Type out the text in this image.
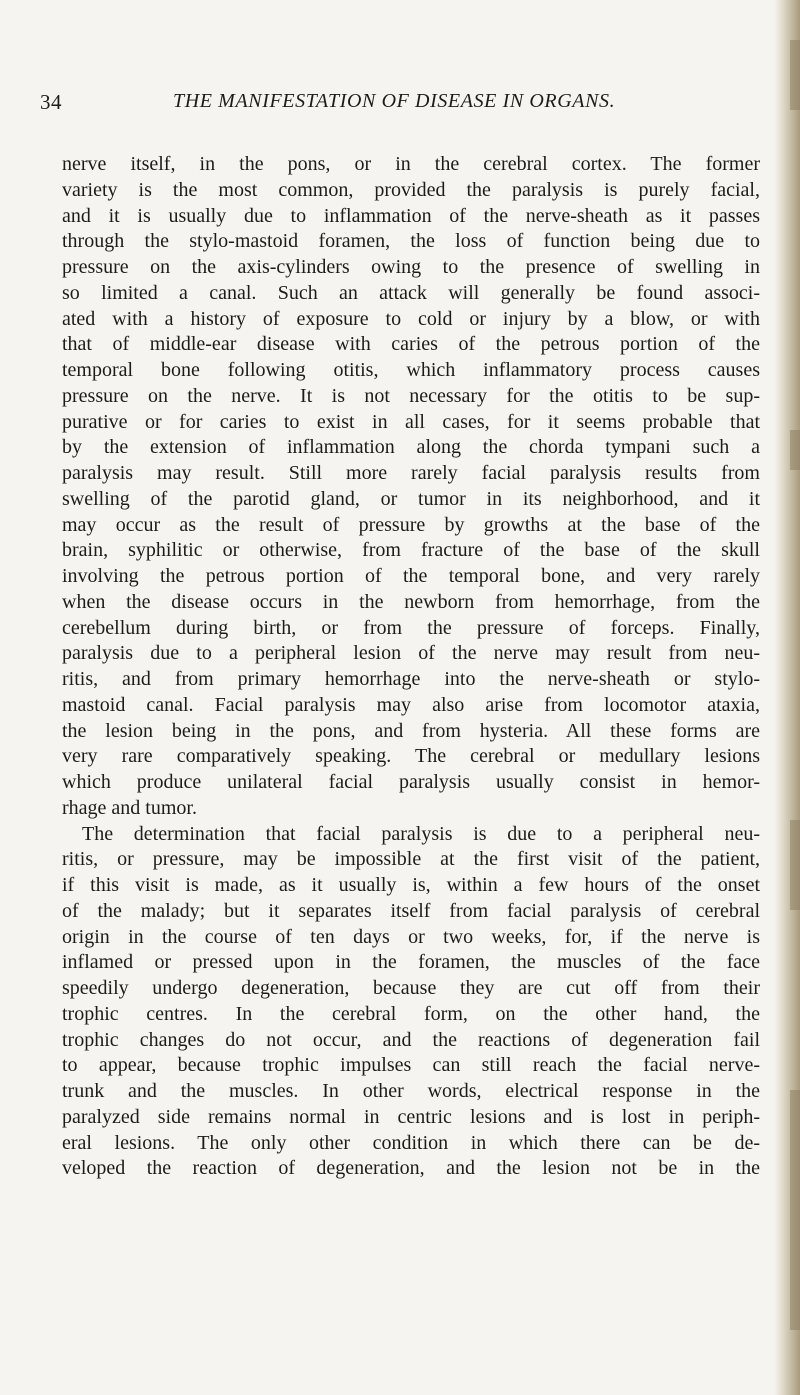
34	THE MANIFESTATION OF DISEASE IN ORGANS.
nerve itself, in the pons, or in the cerebral cortex. The former
variety is the most common, provided the paralysis is purely facial,
and it is usually due to inflammation of the nerve-sheath as it passes
through the stylo-mastoid foramen, the loss of function being due to
pressure on the axis-cylinders owing to the presence of swelling in
so limited a canal. Such an attack will generally be found associ-
ated with a history of exposure to cold or injury by a blow, or with
that of middle-ear disease with caries of the petrous portion of the
temporal bone following otitis, which inflammatory process causes
pressure on the nerve. It is not necessary for the otitis to be sup-
purative or for caries to exist in all cases, for it seems probable that
by the extension of inflammation along the chorda tympani such a
paralysis may result. Still more rarely facial paralysis results from
swelling of the parotid gland, or tumor in its neighborhood, and it
may occur as the result of pressure by growths at the base of the
brain, syphilitic or otherwise, from fracture of the base of the skull
involving the petrous portion of the temporal bone, and very rarely
when the disease occurs in the newborn from hemorrhage, from the
cerebellum during birth, or from the pressure of forceps. Finally,
paralysis due to a peripheral lesion of the nerve may result from neu-
ritis, and from primary hemorrhage into the nerve-sheath or stylo-
mastoid canal. Facial paralysis may also arise from locomotor ataxia,
the lesion being in the pons, and from hysteria. All these forms are
very rare comparatively speaking. The cerebral or medullary lesions
which produce unilateral facial paralysis usually consist in hemor-
rhage and tumor.
The determination that facial paralysis is due to a peripheral neu-
ritis, or pressure, may be impossible at the first visit of the patient,
if this visit is made, as it usually is, within a few hours of the onset
of the malady; but it separates itself from facial paralysis of cerebral
origin in the course of ten days or two weeks, for, if the nerve is
inflamed or pressed upon in the foramen, the muscles of the face
speedily undergo degeneration, because they are cut off from their
trophic centres. In the cerebral form, on the other hand, the
trophic changes do not occur, and the reactions of degeneration fail
to appear, because trophic impulses can still reach the facial nerve-
trunk and the muscles. In other words, electrical response in the
paralyzed side remains normal in centric lesions and is lost in periph-
eral lesions. The only other condition in which there can be de-
veloped the reaction of degeneration, and the lesion not be in the
